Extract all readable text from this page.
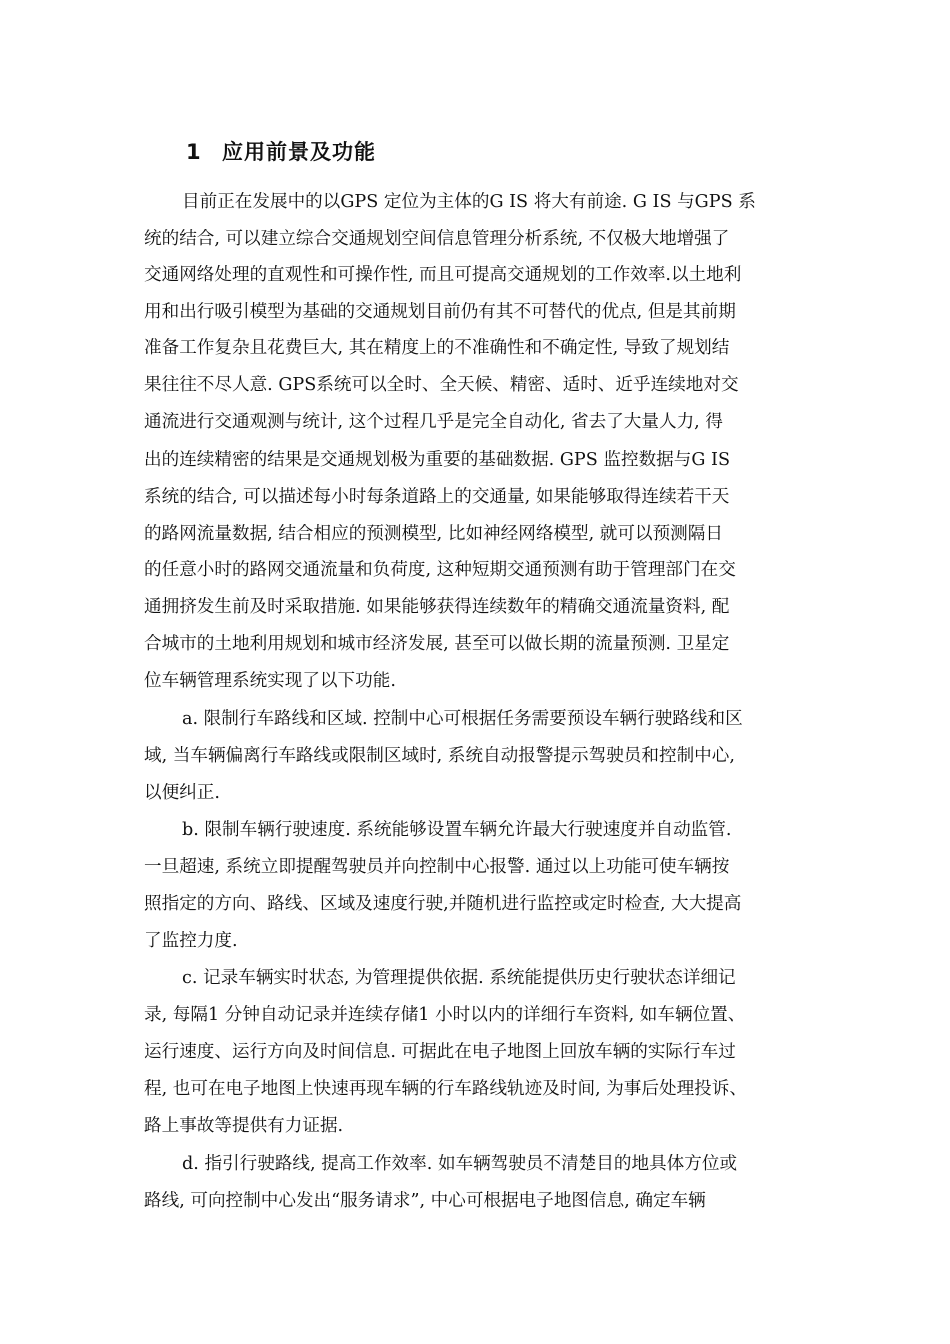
1 应用前景及功能
目前正在发展中的以GPS 定位为主体的G IS 将大有前途. G IS 与GPS 系
统的结合, 可以建立综合交通规划空间信息管理分析系统, 不仅极大地增强了
交通网络处理的直观性和可操作性, 而且可提高交通规划的工作效率.以土地利
用和出行吸引模型为基础的交通规划目前仍有其不可替代的优点, 但是其前期
准备工作复杂且花费巨大, 其在精度上的不准确性和不确定性, 导致了规划结
果往往不尽人意. GPS系统可以全时、全天候、精密、适时、近乎连续地对交
通流进行交通观测与统计, 这个过程几乎是完全自动化, 省去了大量人力, 得
出的连续精密的结果是交通规划极为重要的基础数据. GPS 监控数据与G IS
系统的结合, 可以描述每小时每条道路上的交通量, 如果能够取得连续若干天
的路网流量数据, 结合相应的预测模型, 比如神经网络模型, 就可以预测隔日
的任意小时的路网交通流量和负荷度, 这种短期交通预测有助于管理部门在交
通拥挤发生前及时采取措施. 如果能够获得连续数年的精确交通流量资料, 配
合城市的土地利用规划和城市经济发展, 甚至可以做长期的流量预测. 卫星定
位车辆管理系统实现了以下功能.
a. 限制行车路线和区域. 控制中心可根据任务需要预设车辆行驶路线和区
域, 当车辆偏离行车路线或限制区域时, 系统自动报警提示驾驶员和控制中心,
以便纠正.
b. 限制车辆行驶速度. 系统能够设置车辆允许最大行驶速度并自动监管.
一旦超速, 系统立即提醒驾驶员并向控制中心报警. 通过以上功能可使车辆按
照指定的方向、路线、区域及速度行驶,并随机进行监控或定时检查, 大大提高
了监控力度.
c. 记录车辆实时状态, 为管理提供依据. 系统能提供历史行驶状态详细记
录, 每隔1 分钟自动记录并连续存储1 小时以内的详细行车资料, 如车辆位置、
运行速度、运行方向及时间信息. 可据此在电子地图上回放车辆的实际行车过
程, 也可在电子地图上快速再现车辆的行车路线轨迹及时间, 为事后处理投诉、
路上事故等提供有力证据.
d. 指引行驶路线, 提高工作效率. 如车辆驾驶员不清楚目的地具体方位或
路线, 可向控制中心发出“服务请求”, 中心可根据电子地图信息, 确定车辆
